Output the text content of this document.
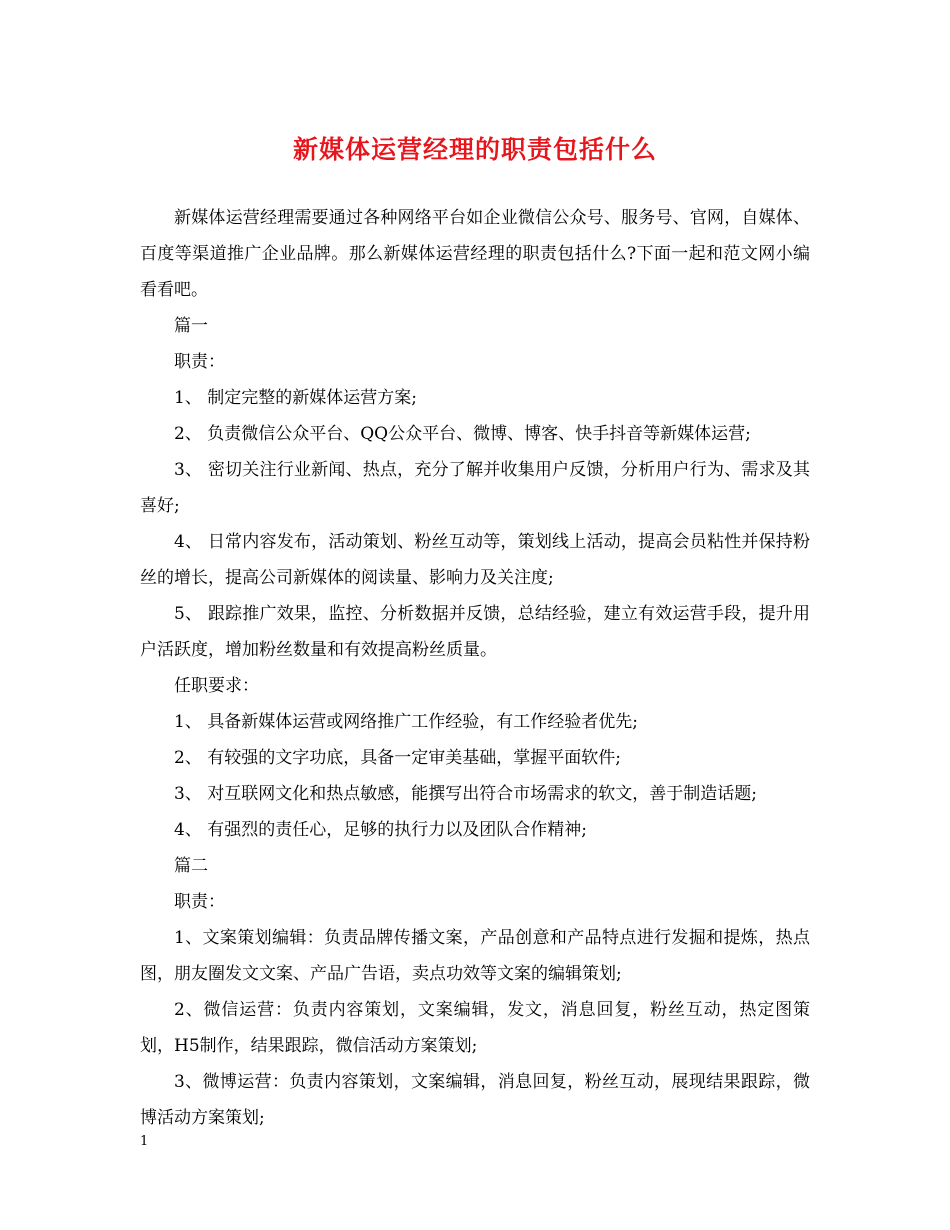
新媒体运营经理的职责包括什么

新媒体运营经理需要通过各种网络平台如企业微信公众号、服务号、官网，自媒体、百度等渠道推广企业品牌。那么新媒体运营经理的职责包括什么?下面一起和范文网小编看看吧。

篇一

职责：

1、 制定完整的新媒体运营方案;

2、 负责微信公众平台、QQ公众平台、微博、博客、快手抖音等新媒体运营;

3、 密切关注行业新闻、热点，充分了解并收集用户反馈，分析用户行为、需求及其喜好;

4、 日常内容发布，活动策划、粉丝互动等，策划线上活动，提高会员粘性并保持粉丝的增长，提高公司新媒体的阅读量、影响力及关注度;

5、 跟踪推广效果，监控、分析数据并反馈，总结经验，建立有效运营手段，提升用户活跃度，增加粉丝数量和有效提高粉丝质量。

任职要求：

1、 具备新媒体运营或网络推广工作经验，有工作经验者优先;

2、 有较强的文字功底，具备一定审美基础，掌握平面软件;

3、 对互联网文化和热点敏感，能撰写出符合市场需求的软文，善于制造话题;

4、 有强烈的责任心，足够的执行力以及团队合作精神;

篇二

职责：

1、文案策划编辑：负责品牌传播文案，产品创意和产品特点进行发掘和提炼，热点图，朋友圈发文文案、产品广告语，卖点功效等文案的编辑策划;

2、微信运营：负责内容策划，文案编辑，发文，消息回复，粉丝互动，热定图策划，H5制作，结果跟踪，微信活动方案策划;

3、微博运营：负责内容策划，文案编辑，消息回复，粉丝互动，展现结果跟踪，微博活动方案策划;

1
